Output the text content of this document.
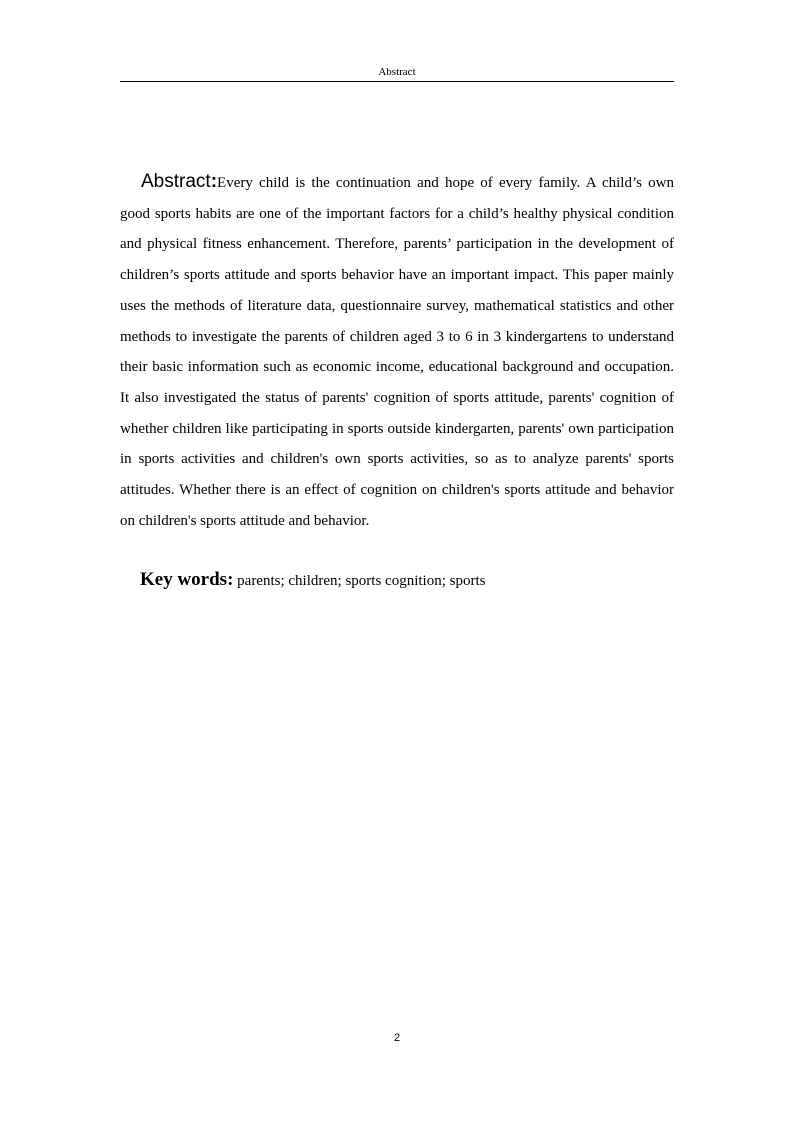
Abstract

Abstract:Every child is the continuation and hope of every family. A child’s own good sports habits are one of the important factors for a child’s healthy physical condition and physical fitness enhancement. Therefore, parents’ participation in the development of children’s sports attitude and sports behavior have an important impact. This paper mainly uses the methods of literature data, questionnaire survey, mathematical statistics and other methods to investigate the parents of children aged 3 to 6 in 3 kindergartens to understand their basic information such as economic income, educational background and occupation. It also investigated the status of parents' cognition of sports attitude, parents' cognition of whether children like participating in sports outside kindergarten, parents' own participation in sports activities and children's own sports activities, so as to analyze parents' sports attitudes. Whether there is an effect of cognition on children's sports attitude and behavior on children's sports attitude and behavior.

Key words: parents; children; sports cognition; sports

2
